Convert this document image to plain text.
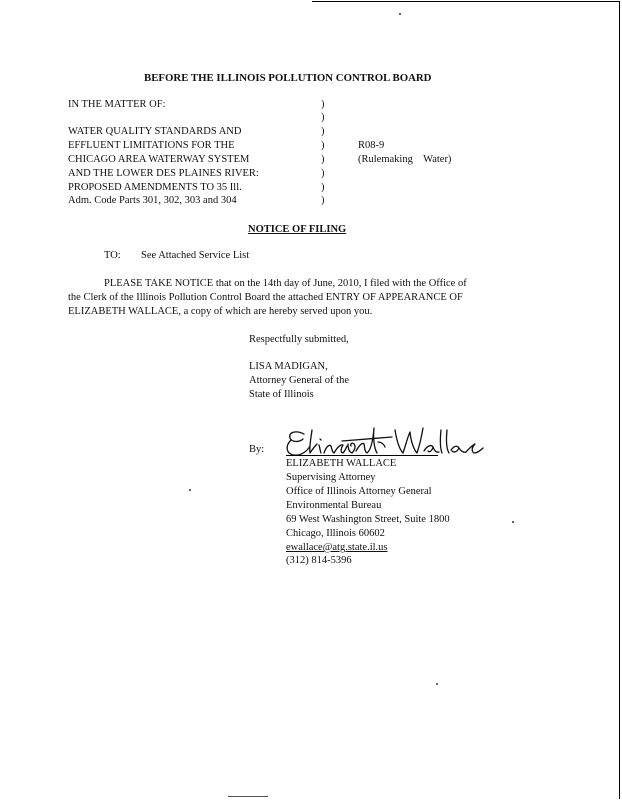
BEFORE THE ILLINOIS POLLUTION CONTROL BOARD
IN THE MATTER OF:
WATER QUALITY STANDARDS AND
EFFLUENT LIMITATIONS FOR THE
CHICAGO AREA WATERWAY SYSTEM
AND THE LOWER DES PLAINES RIVER:
PROPOSED AMENDMENTS TO 35 Ill.
Adm. Code Parts 301, 302, 303 and 304
)
)
)
)
)
)
)
)
R08-9
(Rulemaking    Water)
NOTICE OF FILING
TO: See Attached Service List
PLEASE TAKE NOTICE that on the 14th day of June, 2010, I filed with the Office of
the Clerk of the Illinois Pollution Control Board the attached ENTRY OF APPEARANCE OF
ELIZABETH WALLACE, a copy of which are hereby served upon you.
Respectfully submitted,
LISA MADIGAN,
Attorney General of the
State of Illinois
By:
ELIZABETH WALLACE
Supervising Attorney
Office of Illinois Attorney General
Environmental Bureau
69 West Washington Street, Suite 1800
Chicago, Illinois 60602
ewallace@atg.state.il.us
(312) 814-5396
